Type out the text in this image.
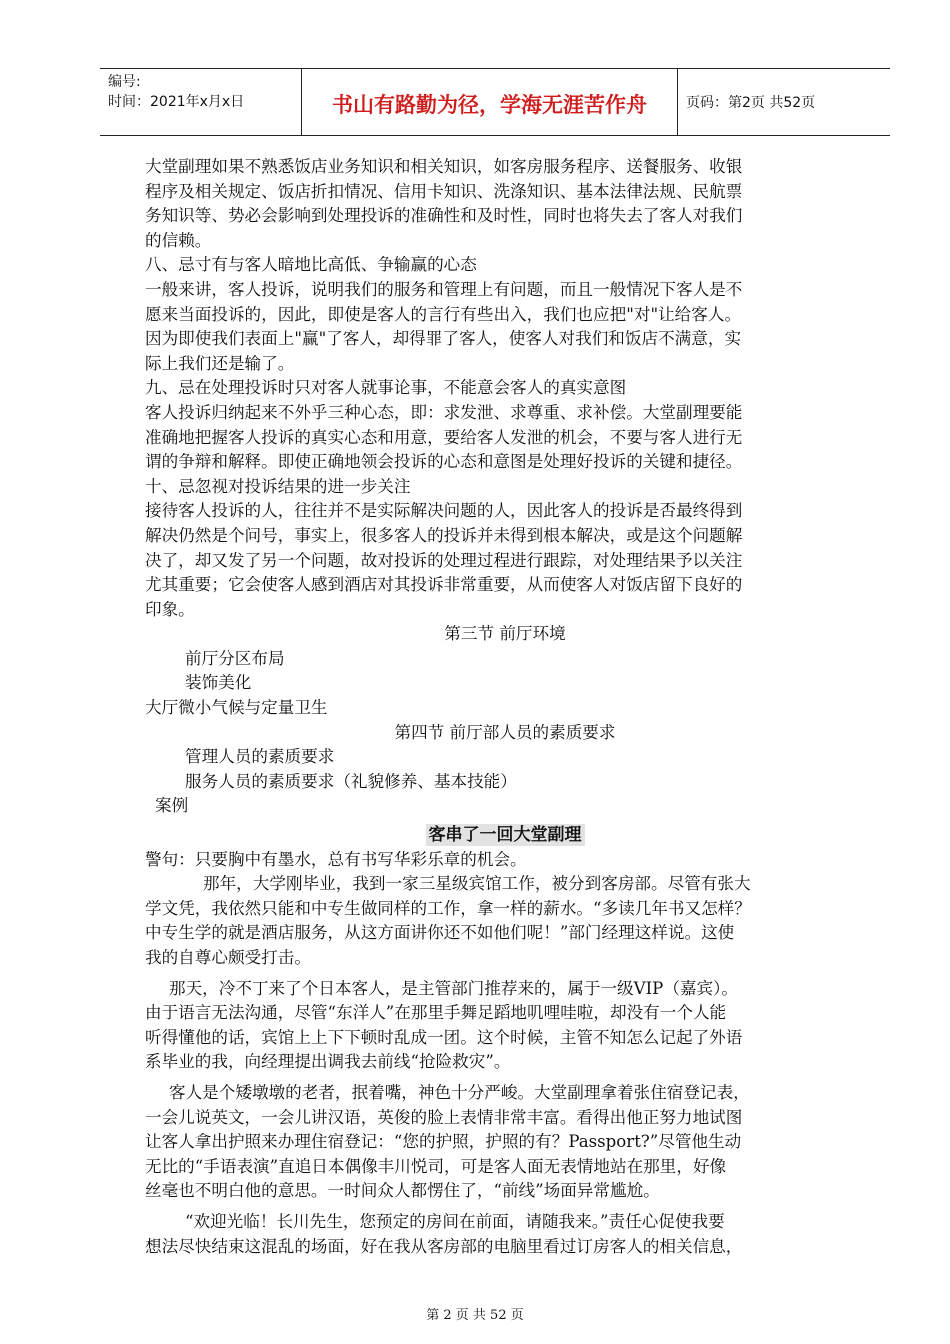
编号:
时间：2021年x月x日	书山有路勤为径，学海无涯苦作舟	页码：第2页 共52页

大堂副理如果不熟悉饭店业务知识和相关知识，如客房服务程序、送餐服务、收银

程序及相关规定、饭店折扣情况、信用卡知识、洗涤知识、基本法律法规、民航票

务知识等、势必会影响到处理投诉的准确性和及时性，同时也将失去了客人对我们

的信赖。

八、忌寸有与客人暗地比高低、争输赢的心态

一般来讲，客人投诉，说明我们的服务和管理上有问题，而且一般情况下客人是不

愿来当面投诉的，因此，即使是客人的言行有些出入，我们也应把"对"让给客人。

因为即使我们表面上"赢"了客人，却得罪了客人，使客人对我们和饭店不满意，实

际上我们还是输了。

九、忌在处理投诉时只对客人就事论事，不能意会客人的真实意图

客人投诉归纳起来不外乎三种心态，即：求发泄、求尊重、求补偿。大堂副理要能

准确地把握客人投诉的真实心态和用意，要给客人发泄的机会，不要与客人进行无

谓的争辩和解释。即使正确地领会投诉的心态和意图是处理好投诉的关键和捷径。

十、忌忽视对投诉结果的进一步关注

接待客人投诉的人，往往并不是实际解决问题的人，因此客人的投诉是否最终得到

解决仍然是个问号，事实上，很多客人的投诉并未得到根本解决，或是这个问题解

决了，却又发了另一个问题，故对投诉的处理过程进行跟踪，对处理结果予以关注

尤其重要；它会使客人感到酒店对其投诉非常重要，从而使客人对饭店留下良好的

印象。

第三节 前厅环境

前厅分区布局

装饰美化

大厅微小气候与定量卫生

第四节 前厅部人员的素质要求

管理人员的素质要求

服务人员的素质要求（礼貌修养、基本技能）

案例

客串了一回大堂副理

警句：只要胸中有墨水，总有书写华彩乐章的机会。

那年，大学刚毕业，我到一家三星级宾馆工作，被分到客房部。尽管有张大

学文凭，我依然只能和中专生做同样的工作，拿一样的薪水。“多读几年书又怎样？

中专生学的就是酒店服务，从这方面讲你还不如他们呢！”部门经理这样说。这使

我的自尊心颇受打击。

那天，冷不丁来了个日本客人，是主管部门推荐来的，属于一级VIP（嘉宾）。

由于语言无法沟通，尽管“东洋人”在那里手舞足蹈地叽哩哇啦，却没有一个人能

听得懂他的话，宾馆上上下下顿时乱成一团。这个时候，主管不知怎么记起了外语

系毕业的我，向经理提出调我去前线“抢险救灾”。

客人是个矮墩墩的老者，抿着嘴，神色十分严峻。大堂副理拿着张住宿登记表，

一会儿说英文，一会儿讲汉语，英俊的脸上表情非常丰富。看得出他正努力地试图

让客人拿出护照来办理住宿登记：“您的护照，护照的有？Passport?”尽管他生动

无比的“手语表演”直追日本偶像丰川悦司，可是客人面无表情地站在那里，好像

丝毫也不明白他的意思。一时间众人都愣住了，“前线”场面异常尴尬。

“欢迎光临！长川先生，您预定的房间在前面，请随我来。”责任心促使我要

想法尽快结束这混乱的场面，好在我从客房部的电脑里看过订房客人的相关信息，

第 2 页 共 52 页
